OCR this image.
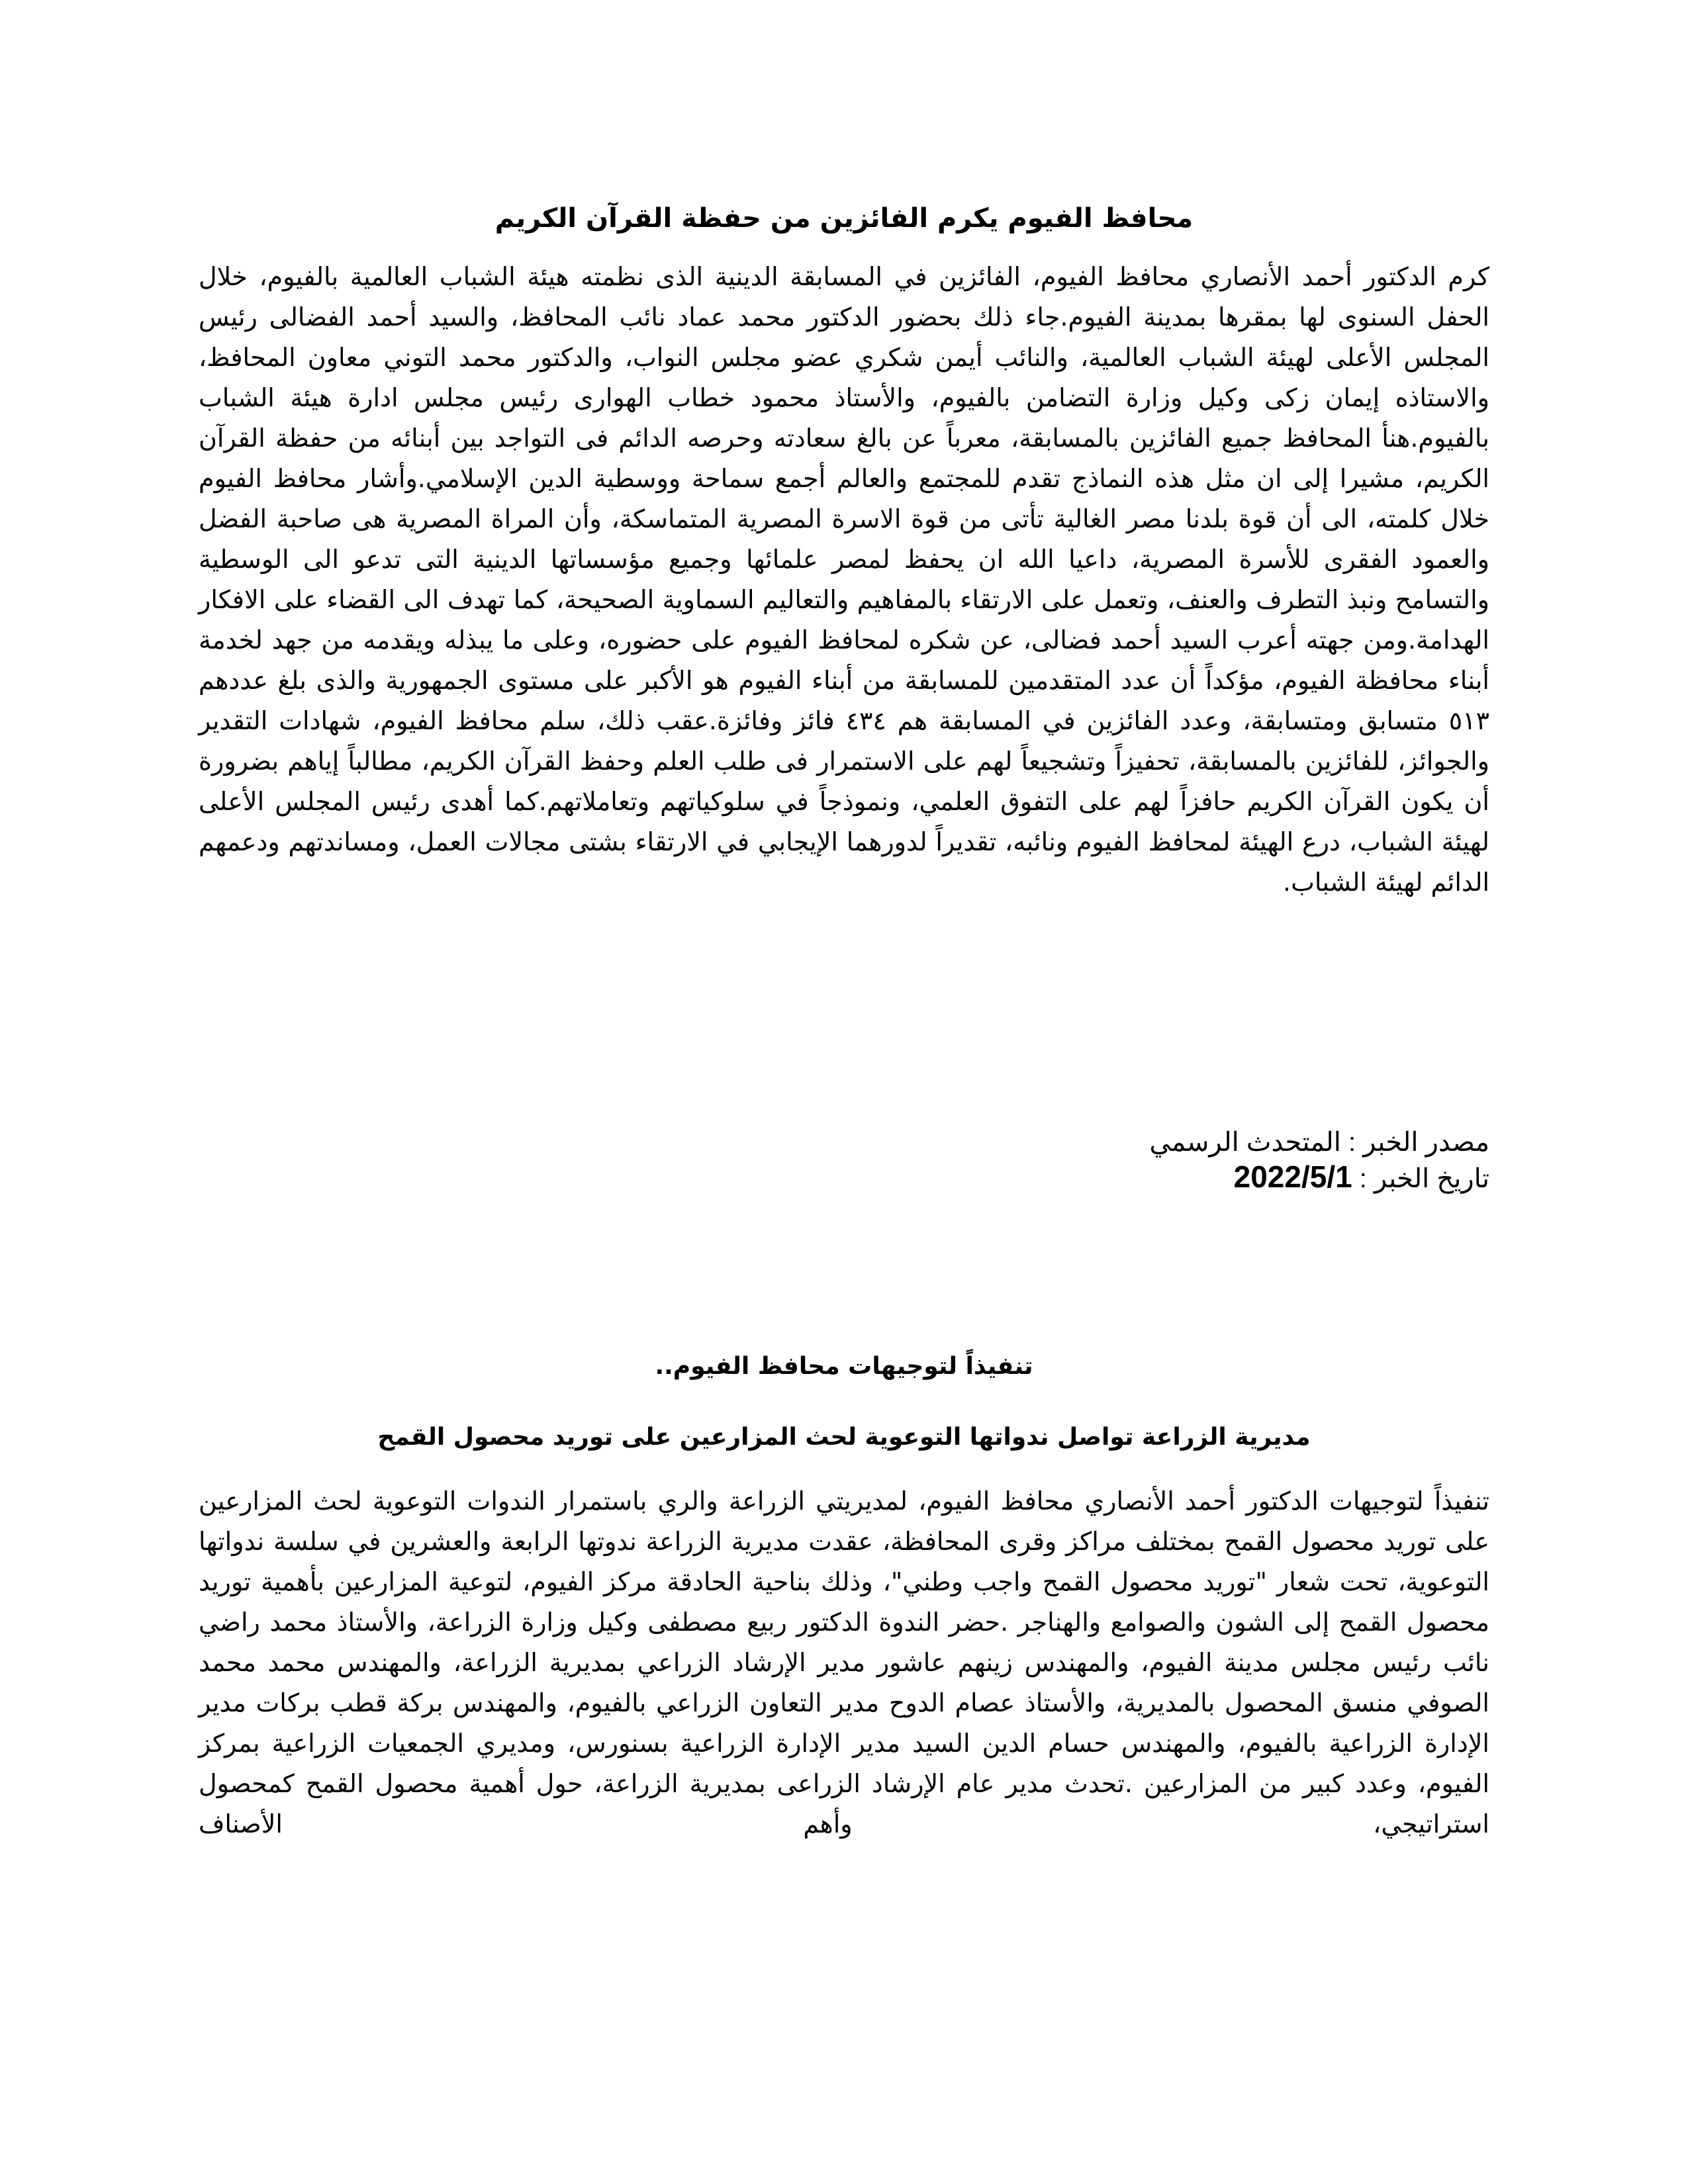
محافظ الفيوم يكرم الفائزين من حفظة القرآن الكريم

كرم الدكتور أحمد الأنصاري محافظ الفيوم، الفائزين في المسابقة الدينية الذى نظمته هيئة الشباب العالمية بالفيوم، خلال الحفل السنوى لها بمقرها بمدينة الفيوم.جاء ذلك بحضور الدكتور محمد عماد نائب المحافظ، والسيد أحمد الفضالى رئيس المجلس الأعلى لهيئة الشباب العالمية، والنائب أيمن شكري عضو مجلس النواب، والدكتور محمد التوني معاون المحافظ، والاستاذه إيمان زكى وكيل وزارة التضامن بالفيوم، والأستاذ محمود خطاب الهوارى رئيس مجلس ادارة هيئة الشباب بالفيوم.هنأ المحافظ جميع الفائزين بالمسابقة، معرباً عن بالغ سعادته وحرصه الدائم فى التواجد بين أبنائه من حفظة القرآن الكريم، مشيرا إلى ان مثل هذه النماذج تقدم للمجتمع والعالم أجمع سماحة ووسطية الدين الإسلامي.وأشار محافظ الفيوم خلال كلمته، الى أن قوة بلدنا مصر الغالية تأتى من قوة الاسرة المصرية المتماسكة، وأن المراة المصرية هى صاحبة الفضل والعمود الفقرى للأسرة المصرية، داعيا الله ان يحفظ لمصر علمائها وجميع مؤسساتها الدينية التى تدعو الى الوسطية والتسامح ونبذ التطرف والعنف، وتعمل على الارتقاء بالمفاهيم والتعاليم السماوية الصحيحة، كما تهدف الى القضاء على الافكار الهدامة.ومن جهته أعرب السيد أحمد فضالى، عن شكره لمحافظ الفيوم على حضوره، وعلى ما يبذله ويقدمه من جهد لخدمة أبناء محافظة الفيوم، مؤكداً أن عدد المتقدمين للمسابقة من أبناء الفيوم هو الأكبر على مستوى الجمهورية والذى بلغ عددهم ٥١٣ متسابق ومتسابقة، وعدد الفائزين في المسابقة هم ٤٣٤ فائز وفائزة.عقب ذلك، سلم محافظ الفيوم، شهادات التقدير والجوائز، للفائزين بالمسابقة، تحفيزاً وتشجيعاً لهم على الاستمرار فى طلب العلم وحفظ القرآن الكريم، مطالباً إياهم بضرورة أن يكون القرآن الكريم حافزاً لهم على التفوق العلمي، ونموذجاً في سلوكياتهم وتعاملاتهم.كما أهدى رئيس المجلس الأعلى لهيئة الشباب، درع الهيئة لمحافظ الفيوم ونائبه، تقديراً لدورهما الإيجابي في الارتقاء بشتى مجالات العمل، ومساندتهم ودعمهم الدائم لهيئة الشباب.

مصدر الخبر : المتحدث الرسمي
تاريخ الخبر : 2022/5/1
تنفيذاً لتوجيهات محافظ الفيوم..
مديرية الزراعة تواصل ندواتها التوعوية لحث المزارعين على توريد محصول القمح

تنفيذاً لتوجيهات الدكتور أحمد الأنصاري محافظ الفيوم، لمديريتي الزراعة والري باستمرار الندوات التوعوية لحث المزارعين على توريد محصول القمح بمختلف مراكز وقرى المحافظة، عقدت مديرية الزراعة ندوتها الرابعة والعشرين في سلسة ندواتها التوعوية، تحت شعار "توريد محصول القمح واجب وطني"، وذلك بناحية الحادقة مركز الفيوم، لتوعية المزارعين بأهمية توريد محصول القمح إلى الشون والصوامع والهناجر .حضر الندوة الدكتور ربيع مصطفى وكيل وزارة الزراعة، والأستاذ محمد راضي نائب رئيس مجلس مدينة الفيوم، والمهندس زينهم عاشور مدير الإرشاد الزراعي بمديرية الزراعة، والمهندس محمد محمد الصوفي منسق المحصول بالمديرية، والأستاذ عصام الدوح مدير التعاون الزراعي بالفيوم، والمهندس بركة قطب بركات مدير الإدارة الزراعية بالفيوم، والمهندس حسام الدين السيد مدير الإدارة الزراعية بسنورس، ومديري الجمعيات الزراعية بمركز الفيوم، وعدد كبير من المزارعين .تحدث مدير عام الإرشاد الزراعى بمديرية الزراعة، حول أهمية محصول القمح كمحصول استراتيجي، وأهم الأصناف
